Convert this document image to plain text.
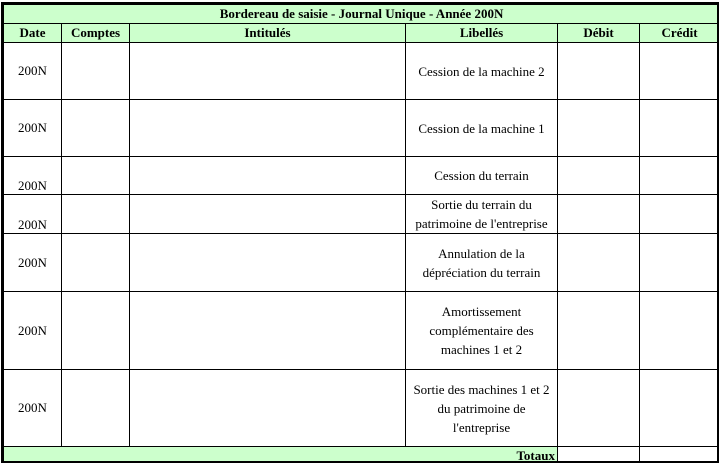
Bordereau de saisie - Journal Unique - Année 200N					
Date	Comptes	Intitulés	Libellés	Débit	Crédit
200N			Cession de la machine 2		
200N			Cession de la machine 1		
200N			Cession du terrain		
200N			Sortie du terrain du patrimoine de l'entreprise		
200N			Annulation de la dépréciation du terrain		
200N			Amortissement complémentaire des machines 1 et 2		
200N			Sortie des machines 1 et 2 du patrimoine de l'entreprise		
Totaux					
